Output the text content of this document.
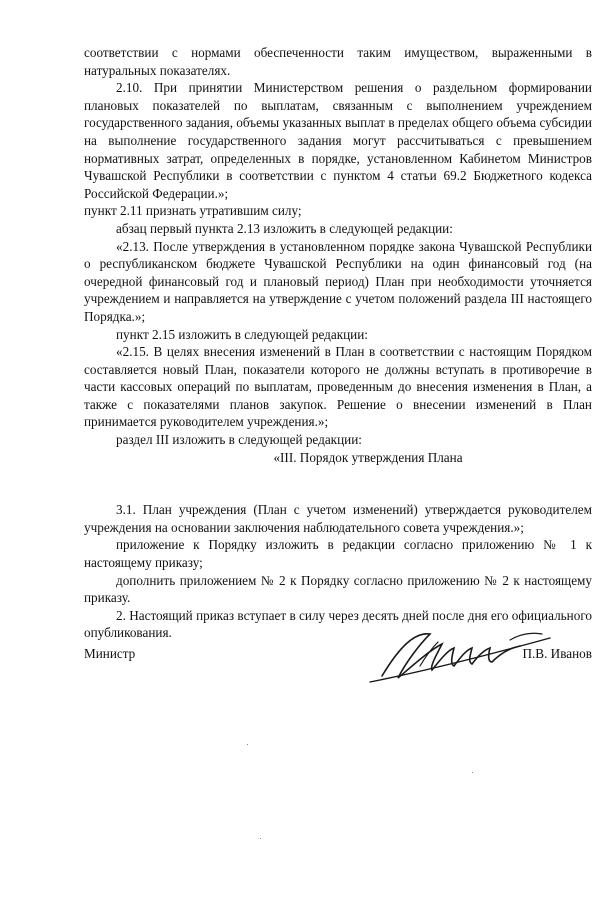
соответствии с нормами обеспеченности таким имуществом, выраженными в натуральных показателях.

2.10. При принятии Министерством решения о раздельном формировании плановых показателей по выплатам, связанным с выполнением учреждением государственного задания, объемы указанных выплат в пределах общего объема субсидии на выполнение государственного задания могут рассчитываться с превышением нормативных затрат, определенных в порядке, установленном Кабинетом Министров Чувашской Республики в соответствии с пунктом 4 статьи 69.2 Бюджетного кодекса Российской Федерации.»;

пункт 2.11 признать утратившим силу;

абзац первый пункта 2.13 изложить в следующей редакции:

«2.13. После утверждения в установленном порядке закона Чувашской Республики о республиканском бюджете Чувашской Республики на один финансовый год (на очередной финансовый год и плановый период) План при необходимости уточняется учреждением и направляется на утверждение с учетом положений раздела III настоящего Порядка.»;

пункт 2.15 изложить в следующей редакции:

«2.15. В целях внесения изменений в План в соответствии с настоящим Порядком составляется новый План, показатели которого не должны вступать в противоречие в части кассовых операций по выплатам, проведенным до внесения изменения в План, а также с показателями планов закупок. Решение о внесении изменений в План принимается руководителем учреждения.»;

раздел III изложить в следующей редакции:

«III. Порядок утверждения Плана

3.1. План учреждения (План с учетом изменений) утверждается руководителем учреждения на основании заключения наблюдательного совета учреждения.»;

приложение к Порядку изложить в редакции согласно приложению № 1 к настоящему приказу;

дополнить приложением № 2 к Порядку согласно приложению № 2 к настоящему приказу.

2. Настоящий приказ вступает в силу через десять дней после дня его официального опубликования.

Министр	П.В. Иванов
